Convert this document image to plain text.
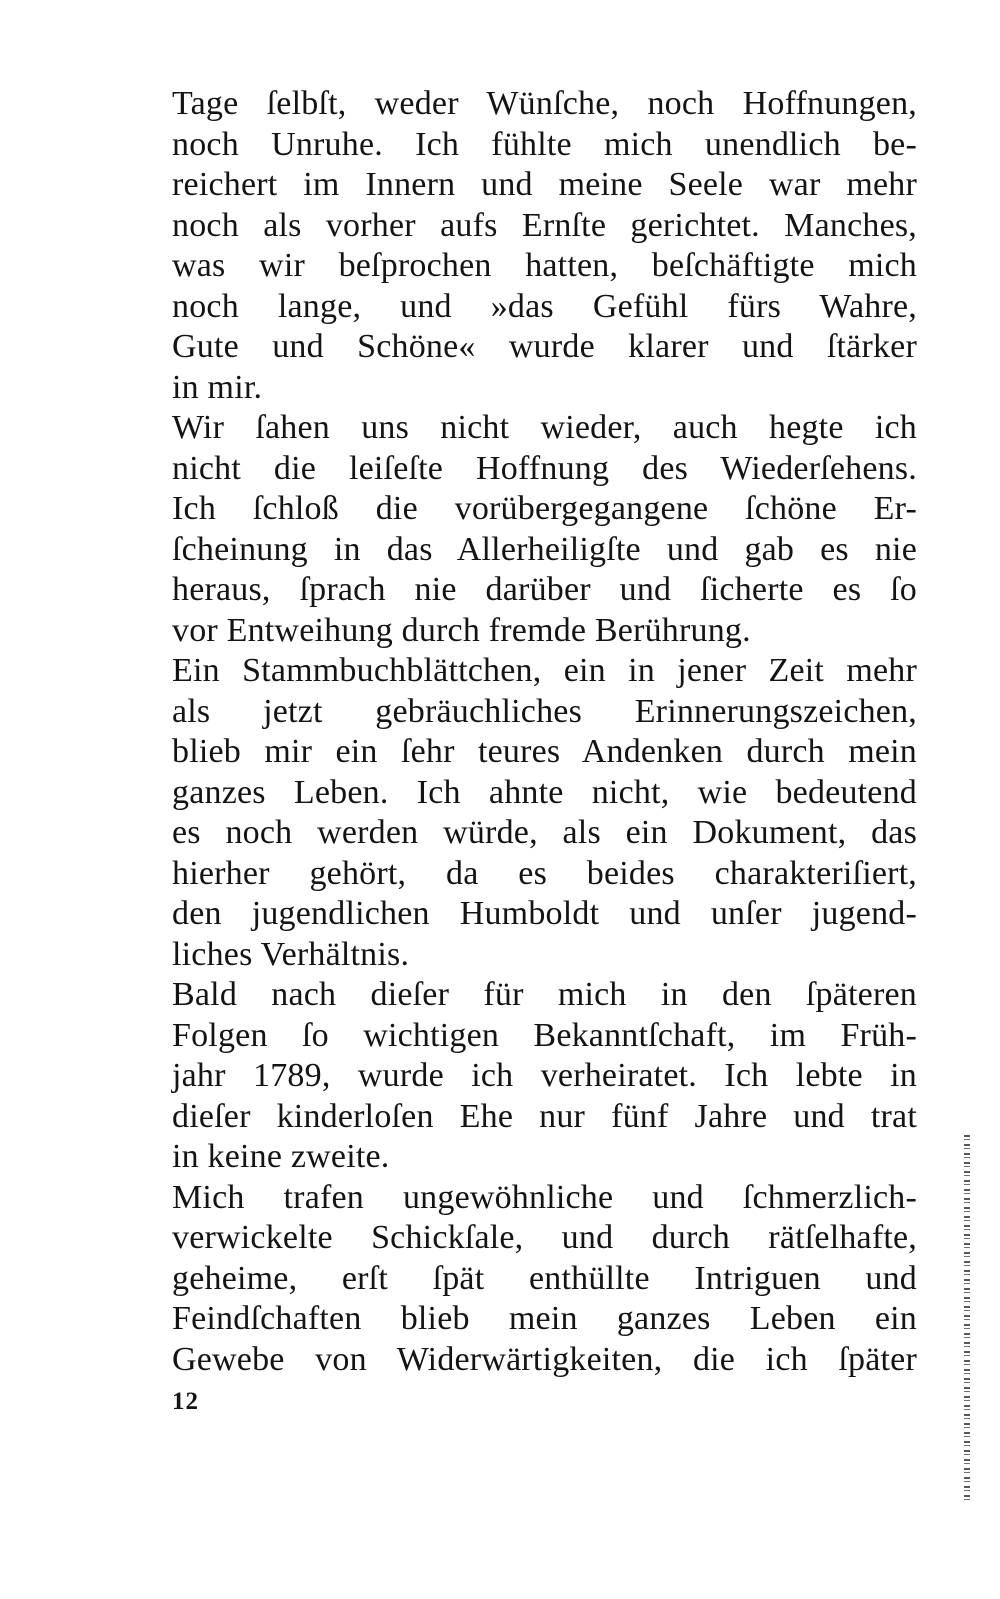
Tage ſelbſt, weder Wünſche, noch Hoffnungen,
noch Unruhe. Ich fühlte mich unendlich be-
reichert im Innern und meine Seele war mehr
noch als vorher aufs Ernſte gerichtet. Manches,
was wir beſprochen hatten, beſchäftigte mich
noch lange, und »das Gefühl fürs Wahre,
Gute und Schöne« wurde klarer und ſtärker
in mir.
Wir ſahen uns nicht wieder, auch hegte ich
nicht die leiſeſte Hoffnung des Wiederſehens.
Ich ſchloß die vorübergegangene ſchöne Er-
ſcheinung in das Allerheiligſte und gab es nie
heraus, ſprach nie darüber und ſicherte es ſo
vor Entweihung durch fremde Berührung.
Ein Stammbuchblättchen, ein in jener Zeit mehr
als jetzt gebräuchliches Erinnerungszeichen,
blieb mir ein ſehr teures Andenken durch mein
ganzes Leben. Ich ahnte nicht, wie bedeutend
es noch werden würde, als ein Dokument, das
hierher gehört, da es beides charakteriſiert,
den jugendlichen Humboldt und unſer jugend-
liches Verhältnis.
Bald nach dieſer für mich in den ſpäteren
Folgen ſo wichtigen Bekanntſchaft, im Früh-
jahr 1789, wurde ich verheiratet. Ich lebte in
dieſer kinderloſen Ehe nur fünf Jahre und trat
in keine zweite.
Mich trafen ungewöhnliche und ſchmerzlich-
verwickelte Schickſale, und durch rätſelhafte,
geheime, erſt ſpät enthüllte Intriguen und
Feindſchaften blieb mein ganzes Leben ein
Gewebe von Widerwärtigkeiten, die ich ſpäter
12
